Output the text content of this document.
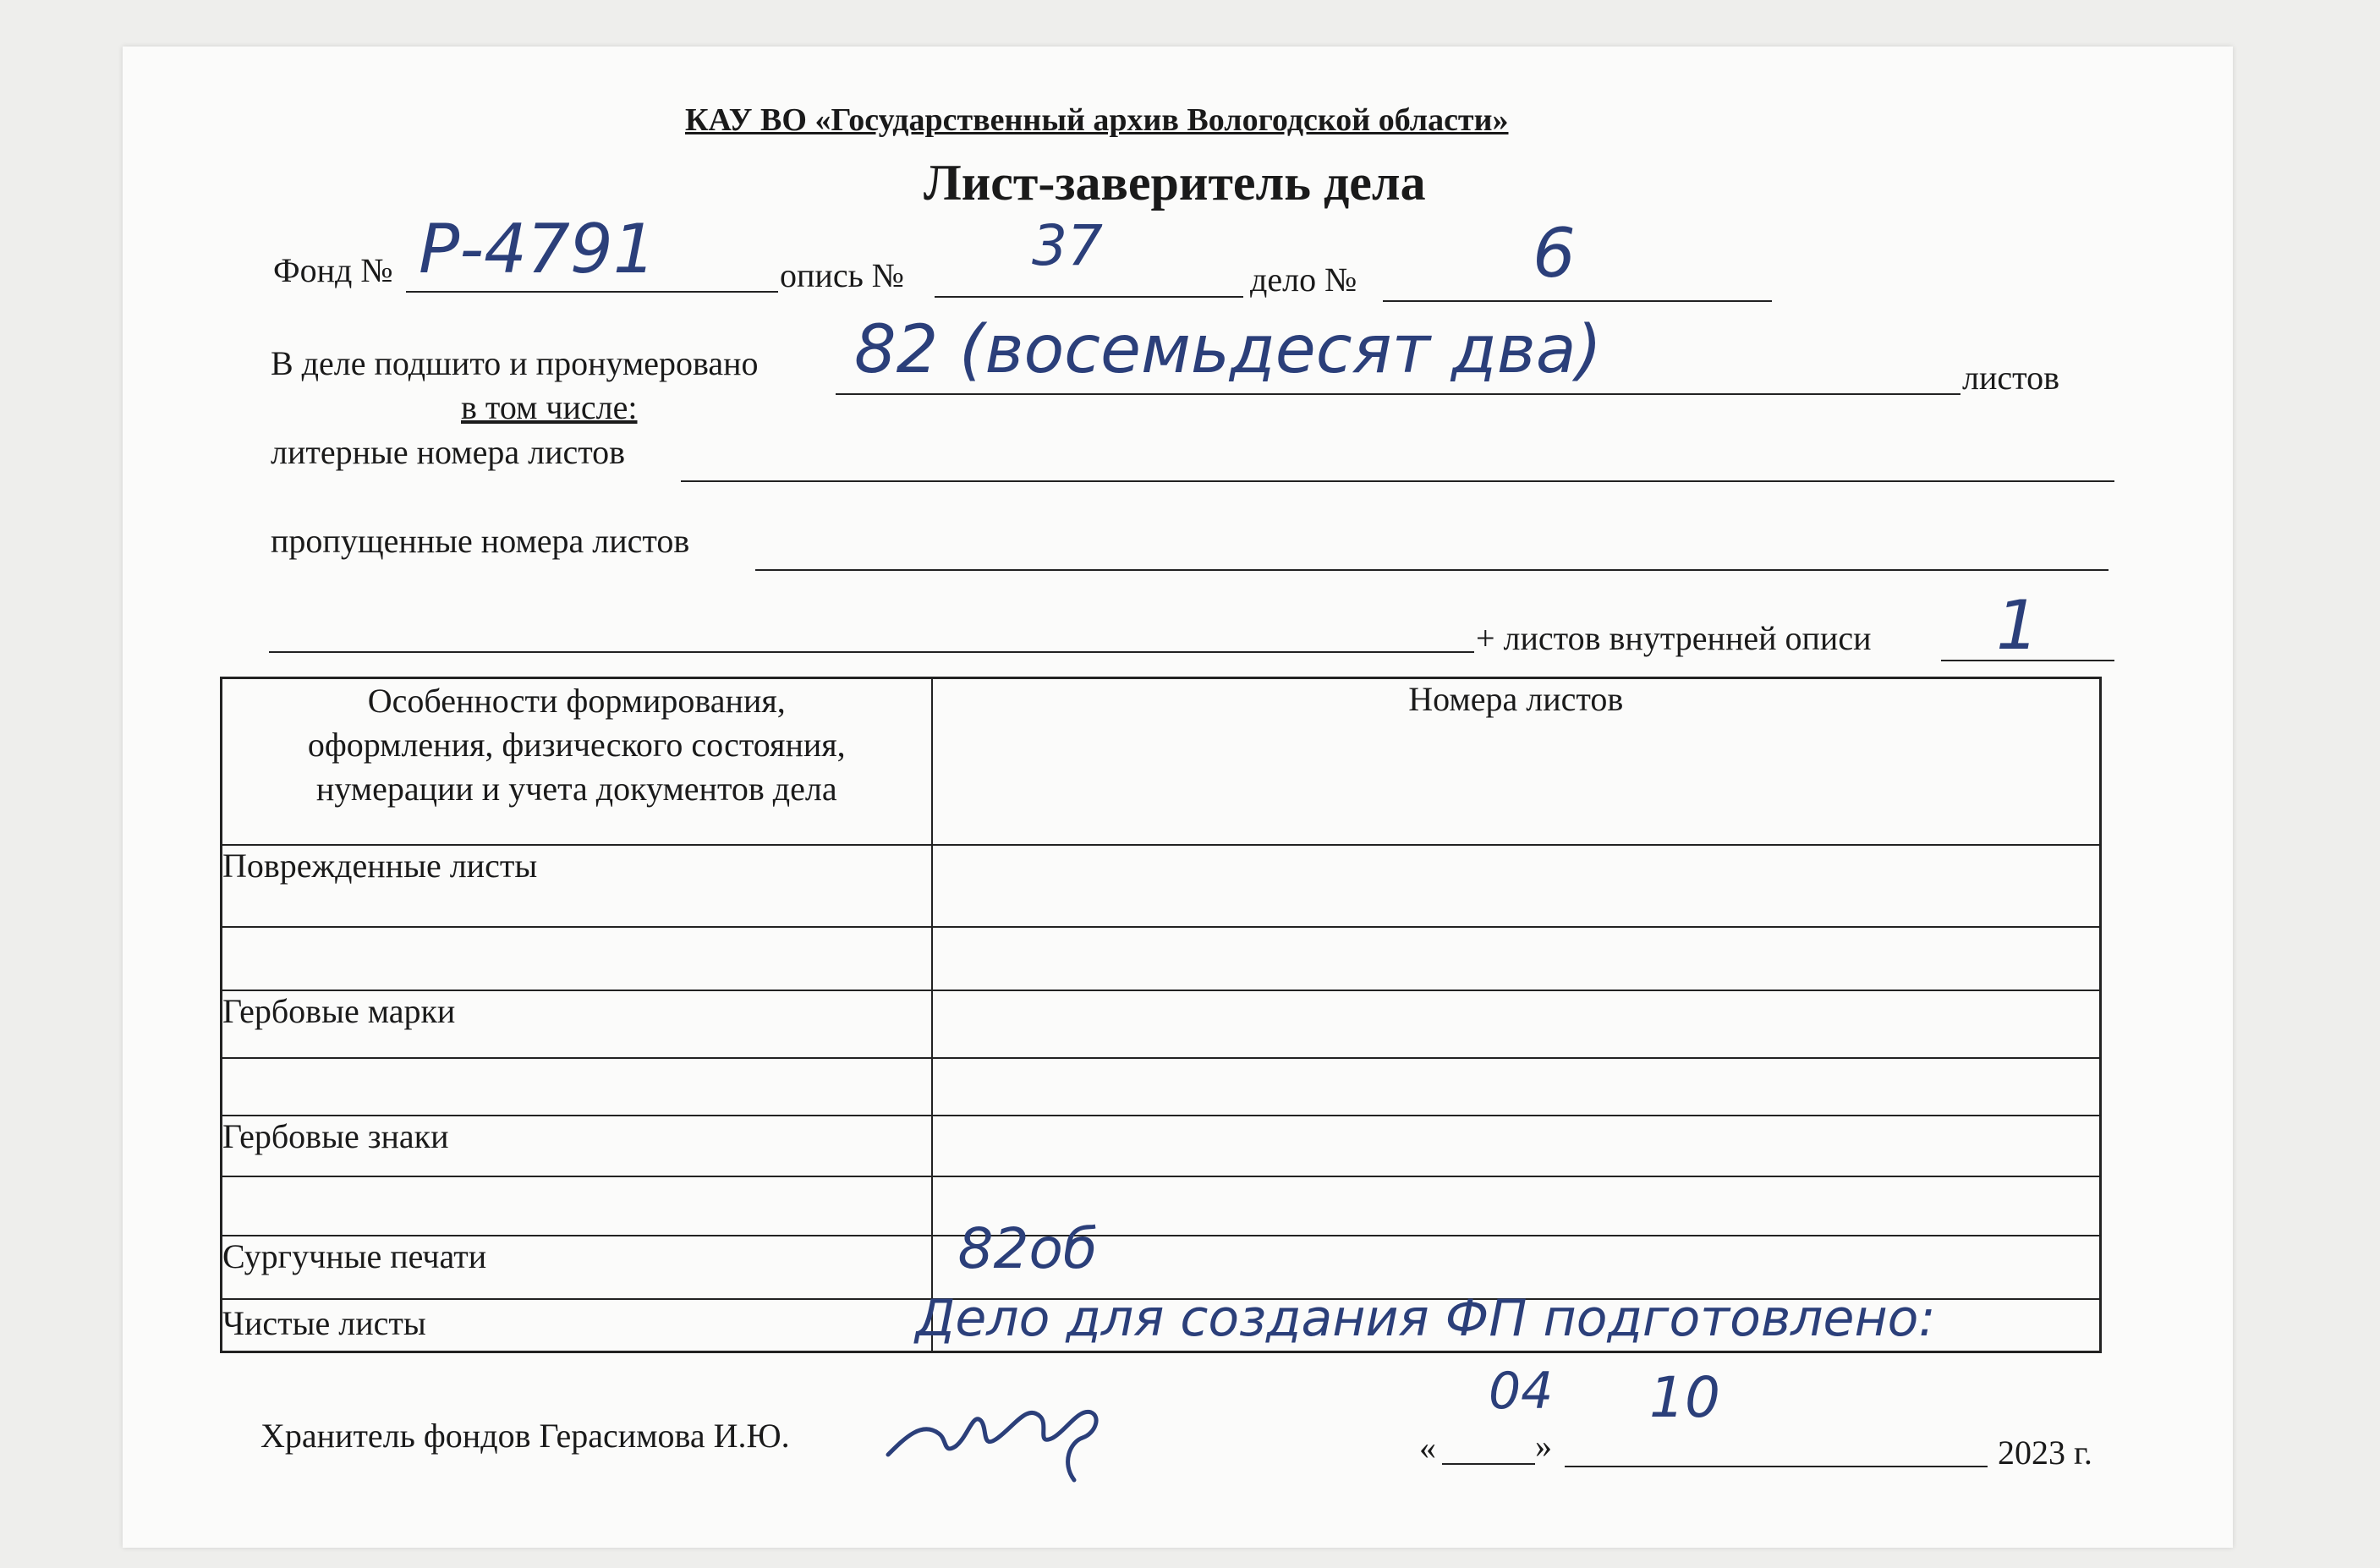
КАУ ВО «Государственный архив Вологодской области»
Лист-заверитель дела
Фонд № Р-4791	опись № 37
дело №	6
В деле подшито и пронумеровано 82 (восемьдесят два)	листов
в том числе:
литерные номера листов
пропущенные номера листов
+ листов внутренней описи 1
Особенности формирования,
оформления, физического состояния,
нумерации и учета документов дела	Номера листов
Поврежденные листы	

Гербовые марки	

Гербовые знаки	

Сургучные печати	82об

Чистые листы	Дело для создания ФП подготовлено:
Хранитель фондов Герасимова И.Ю.	«
04
»
10
2023 г.
